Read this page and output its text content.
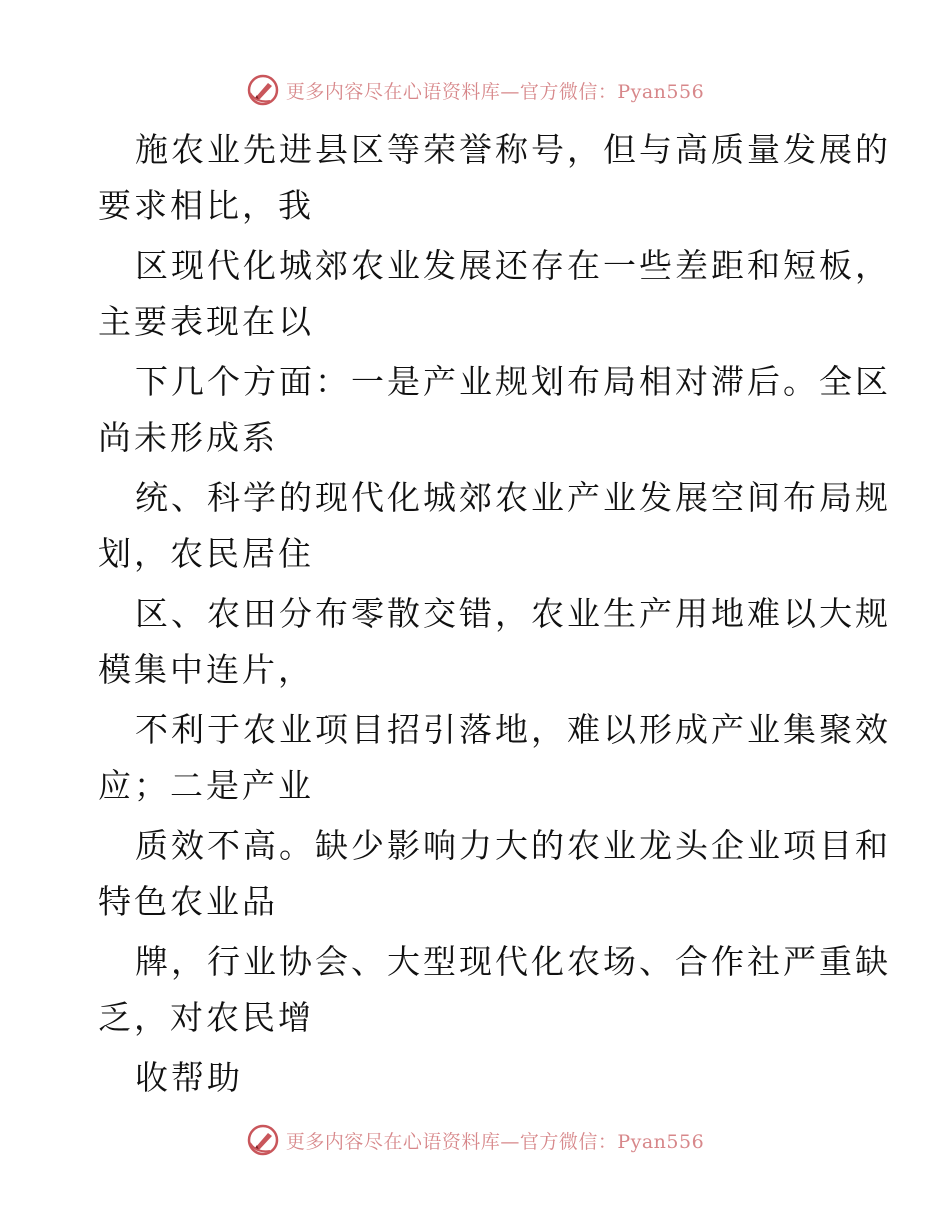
更多内容尽在心语资料库—官方微信：Pyan556
施农业先进县区等荣誉称号，但与高质量发展的
要求相比，我
区现代化城郊农业发展还存在一些差距和短板，
主要表现在以
下几个方面：一是产业规划布局相对滞后。全区
尚未形成系
统、科学的现代化城郊农业产业发展空间布局规
划，农民居住
区、农田分布零散交错，农业生产用地难以大规
模集中连片，
不利于农业项目招引落地，难以形成产业集聚效
应；二是产业
质效不高。缺少影响力大的农业龙头企业项目和
特色农业品
牌，行业协会、大型现代化农场、合作社严重缺
乏，对农民增
收帮助
更多内容尽在心语资料库—官方微信：Pyan556
